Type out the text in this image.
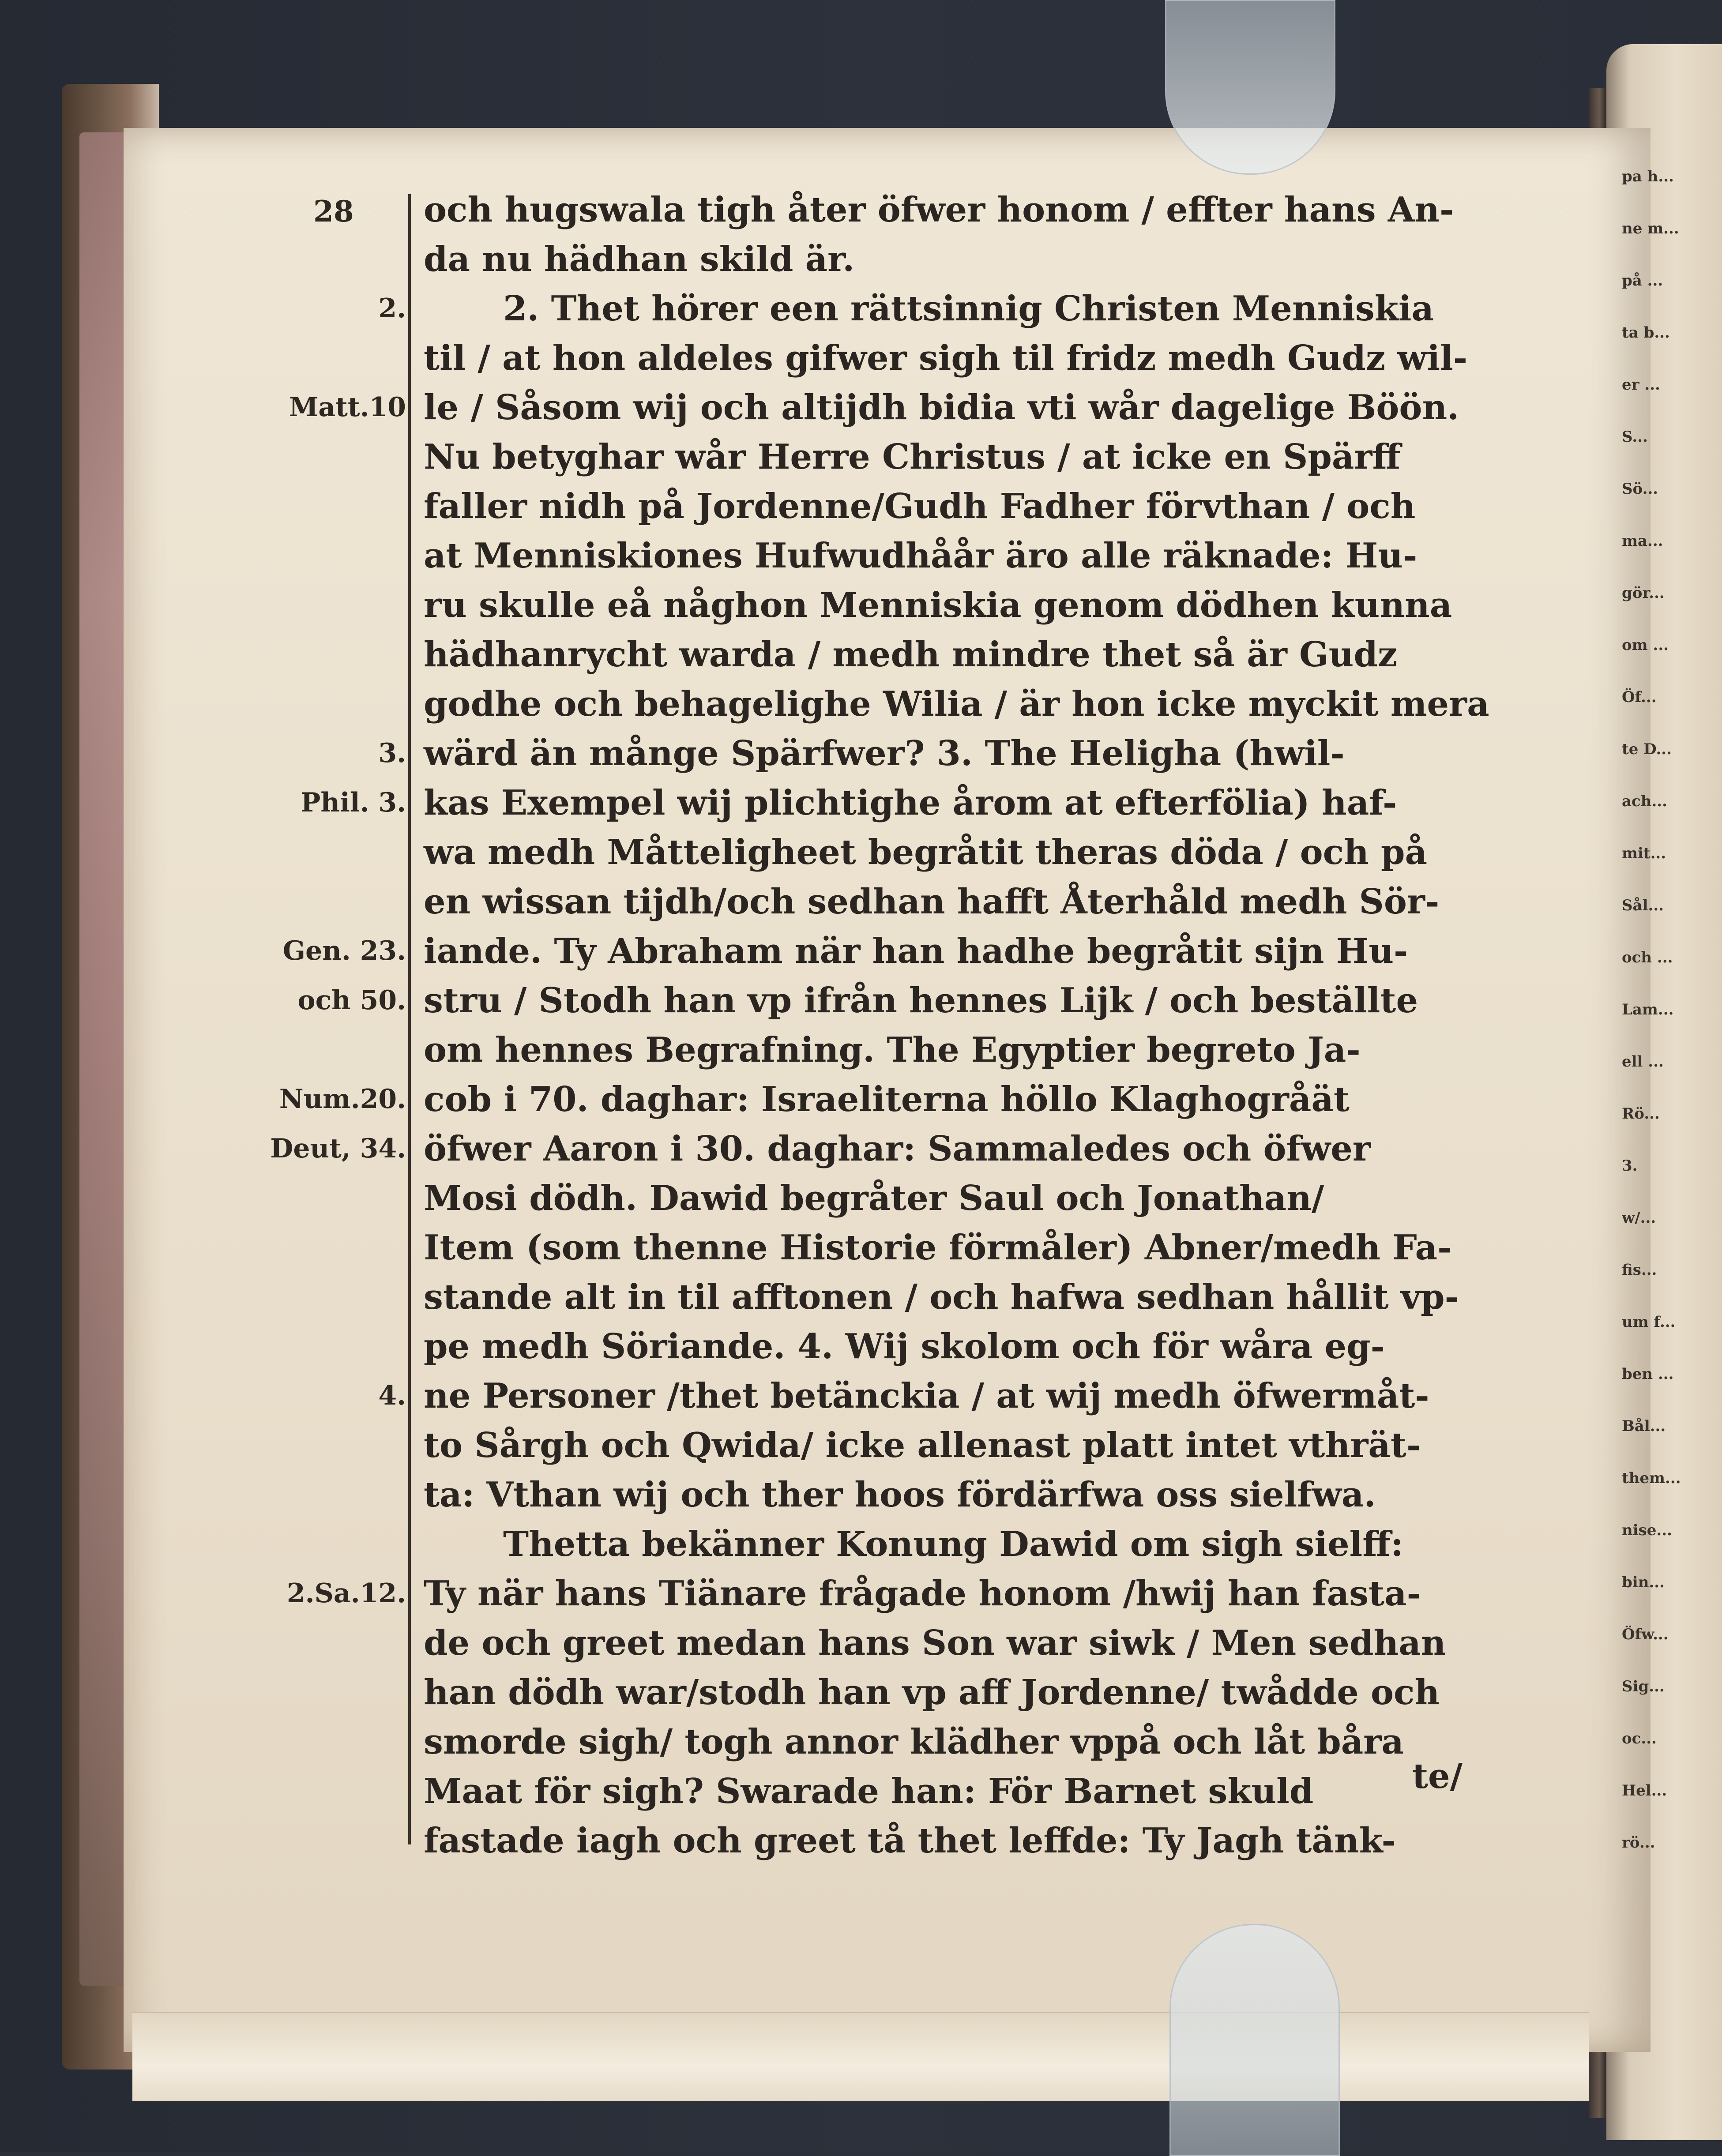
och hugswala tigh åter öfwer honom / effter hans An-
da nu hädhan skild är.
2. Thet hörer een rättsinnig Christen Menniskia
til / at hon aldeles gifwer sigh til fridz medh Gudz wil-
le / Såsom wij och altijdh bidia vti wår dagelige Böön.
Nu betyghar wår Herre Christus / at icke en Spärff
faller nidh på Jordenne/Gudh Fadher förvthan / och
at Menniskiones Hufwudhåår äro alle räknade: Hu-
ru skulle eå någhon Menniskia genom dödhen kunna
hädhanrycht warda / medh mindre thet så är Gudz
godhe och behagelighe Wilia / är hon icke myckit mera
wärd än månge Spärfwer? 3. The Heligha (hwil-
kas Exempel wij plichtighe årom at efterfölia) haf-
wa medh Måtteligheet begråtit theras döda / och på
en wissan tijdh/och sedhan hafft Återhåld medh Sör-
iande. Ty Abraham när han hadhe begråtit sijn Hu-
stru / Stodh han vp ifrån hennes Lijk / och beställte
om hennes Begrafning. The Egyptier begreto Ja-
cob i 70. daghar: Israeliterna höllo Klaghogråät
öfwer Aaron i 30. daghar: Sammaledes och öfwer
Mosi dödh. Dawid begråter Saul och Jonathan/
Item (som thenne Historie förmåler) Abner/medh Fa-
stande alt in til afftonen / och hafwa sedhan hållit vp-
pe medh Söriande. 4. Wij skolom och för wåra eg-
ne Personer /thet betänckia / at wij medh öfwermåt-
to Sårgh och Qwida/ icke allenast platt intet vthrät-
ta: Vthan wij och ther hoos fördärfwa oss sielfwa.
Thetta bekänner Konung Dawid om sigh sielff:
Ty när hans Tiänare frågade honom /hwij han fasta-
de och greet medan hans Son war siwk / Men sedhan
han dödh war/stodh han vp aff Jordenne/ twådde och
smorde sigh/ togh annor klädher vppå och låt båra
Maat för sigh? Swarade han: För Barnet skuld
fastade iagh och greet tå thet leffde: Ty Jagh tänk-
28
2.
Matt.10
3.
Phil. 3.
Gen. 23.
och 50.
Num.20.
Deut, 34.
4.
2.Sa.12.
te/
pa h...
ne m...
på ...
ta b...
er ...
S...
Sö...
ma...
gör...
om ...
Öf...
te D...
ach...
mit...
Sål...
och ...
Lam...
ell ...
Rö...
3.
w/...
fis...
um f...
ben ...
Bål...
them...
nise...
bin...
Öfw...
Sig...
oc...
Hel...
rö...
